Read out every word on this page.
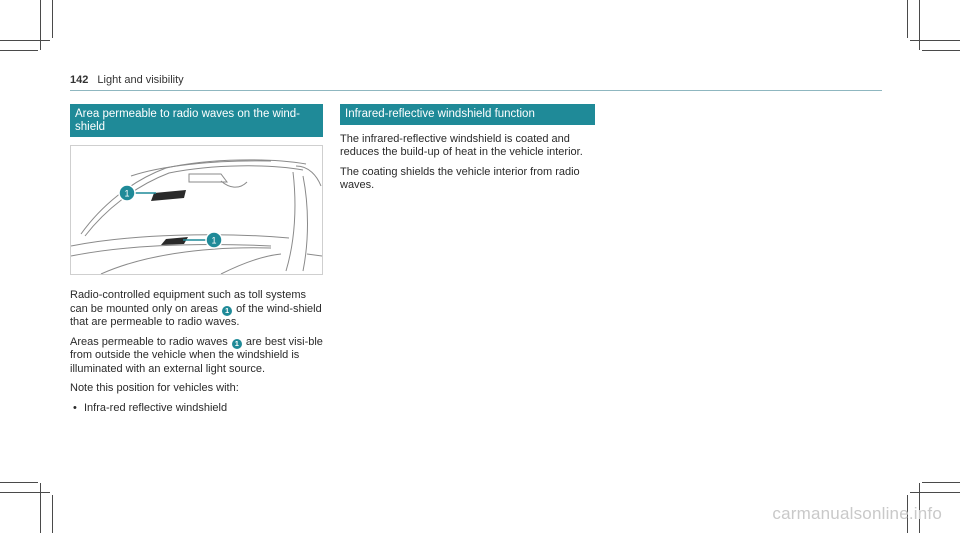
142 Light and visibility
Area permeable to radio waves on the wind-shield
1
1

Radio-controlled equipment such as toll systems can be mounted only on areas 1 of the wind-shield that are permeable to radio waves.

Areas permeable to radio waves 1 are best visi-ble from outside the vehicle when the windshield is illuminated with an external light source.

Note this position for vehicles with:

• Infra-red reflective windshield

Infrared-reflective windshield function

The infrared-reflective windshield is coated and reduces the build-up of heat in the vehicle interior.

The coating shields the vehicle interior from radio waves.

carmanualsonline.info
